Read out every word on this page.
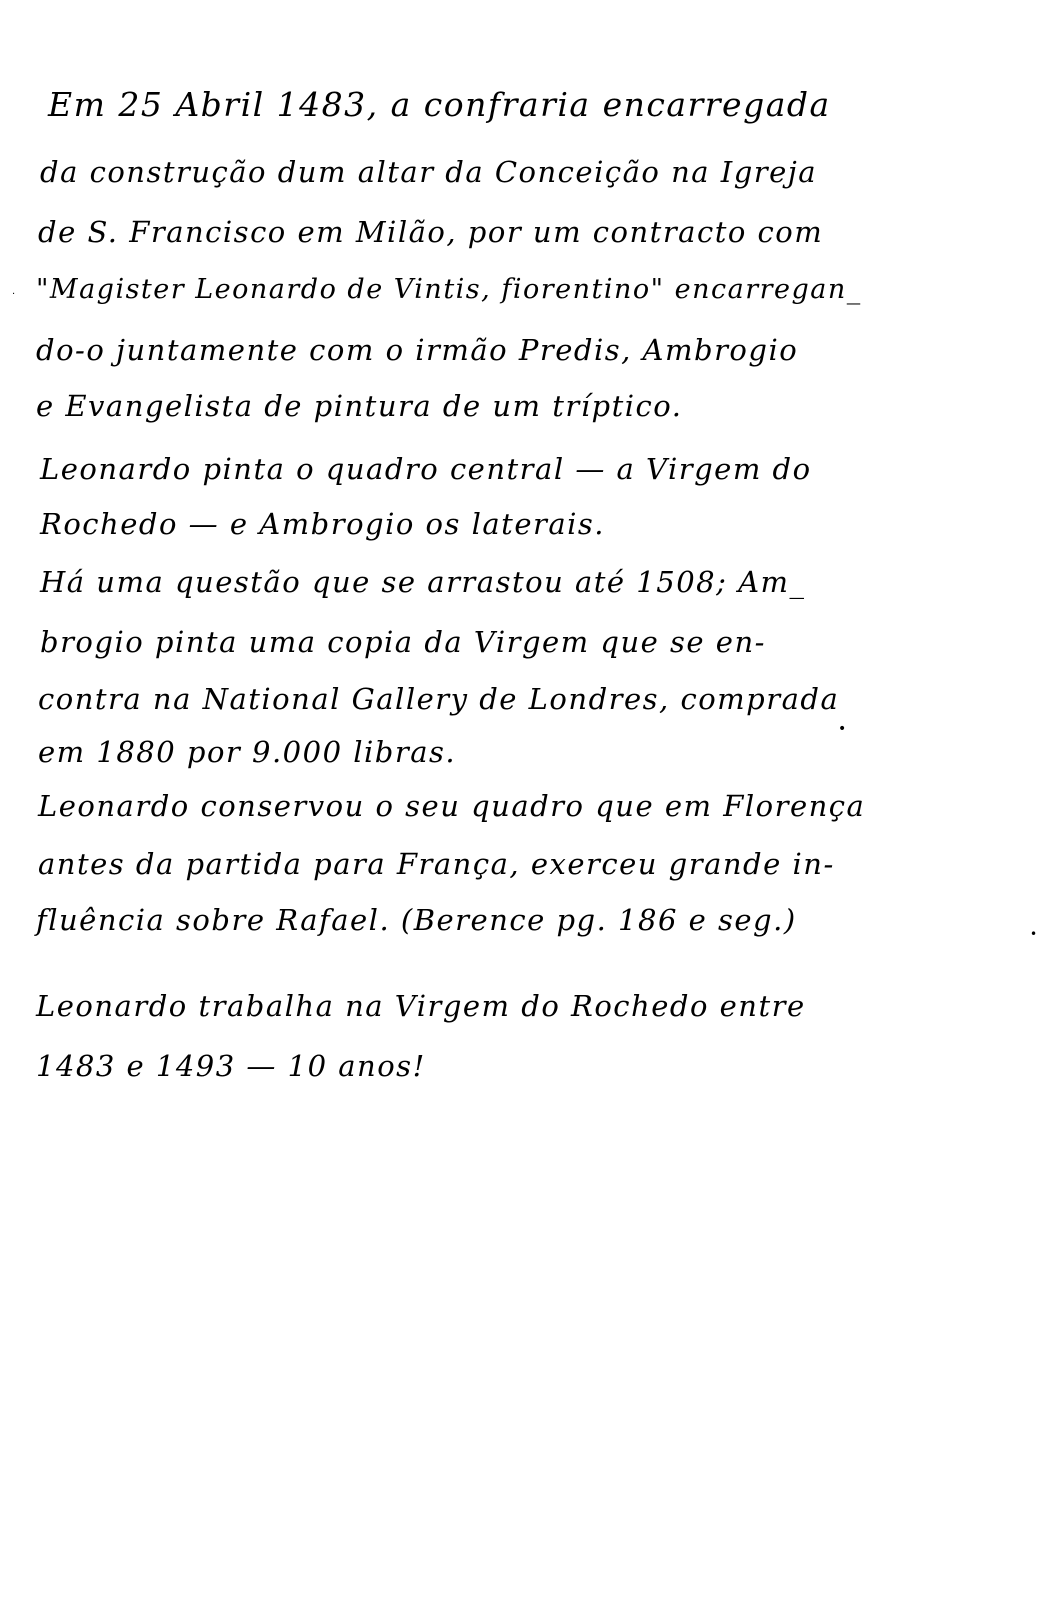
Em 25 Abril 1483, a confraria encarregada
da construção dum altar da Conceição na Igreja
de S. Francisco em Milão, por um contracto com
"Magister Leonardo de Vintis, fiorentino" encarregan_
do-o juntamente com o irmão Predis, Ambrogio
e Evangelista de pintura de um tríptico.
Leonardo pinta o quadro central — a Virgem do
Rochedo — e Ambrogio os laterais.
Há uma questão que se arrastou até 1508; Am_
brogio pinta uma copia da Virgem que se en-
contra na National Gallery de Londres, comprada
em 1880 por 9.000 libras.
Leonardo conservou o seu quadro que em Florença
antes da partida para França, exerceu grande in-
fluência sobre Rafael. (Berence pg. 186 e seg.)
Leonardo trabalha na Virgem do Rochedo entre
1483 e 1493 — 10 anos!
·
•
•
